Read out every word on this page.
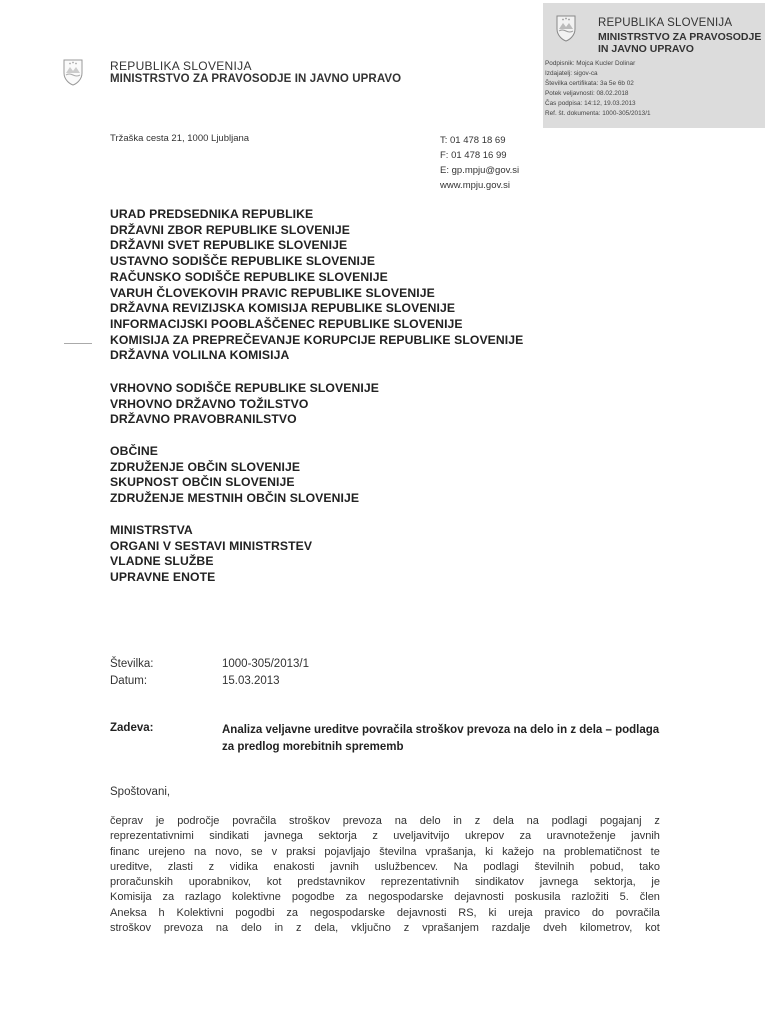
REPUBLIKA SLOVENIJA
MINISTRSTVO ZA PRAVOSODJE IN JAVNO UPRAVO
Podpisnik: Mojca Kucler Dolinar
Izdajatelj: sigov-ca
Številka certifikata: 3a 5e 6b 02
Potek veljavnosti: 08.02.2018
Čas podpisa: 14:12, 19.03.2013
Ref. št. dokumenta: 1000-305/2013/1
REPUBLIKA SLOVENIJA
MINISTRSTVO ZA PRAVOSODJE IN JAVNO UPRAVO
Tržaška cesta 21, 1000 Ljubljana	T: 01 478 18 69
F: 01 478 16 99
E: gp.mpju@gov.si
www.mpju.gov.si
URAD PREDSEDNIKA REPUBLIKE
DRŽAVNI ZBOR REPUBLIKE SLOVENIJE
DRŽAVNI SVET REPUBLIKE SLOVENIJE
USTAVNO SODIŠČE REPUBLIKE SLOVENIJE
RAČUNSKO SODIŠČE REPUBLIKE SLOVENIJE
VARUH ČLOVEKOVIH PRAVIC REPUBLIKE SLOVENIJE
DRŽAVNA REVIZIJSKA KOMISIJA REPUBLIKE SLOVENIJE
INFORMACIJSKI POOBLAŠČENEC REPUBLIKE SLOVENIJE
KOMISIJA ZA PREPREČEVANJE KORUPCIJE REPUBLIKE SLOVENIJE
DRŽAVNA VOLILNA KOMISIJA
VRHOVNO SODIŠČE REPUBLIKE SLOVENIJE
VRHOVNO DRŽAVNO TOŽILSTVO
DRŽAVNO PRAVOBRANILSTVO
OBČINE
ZDRUŽENJE OBČIN SLOVENIJE
SKUPNOST OBČIN SLOVENIJE
ZDRUŽENJE MESTNIH OBČIN SLOVENIJE
MINISTRSTVA
ORGANI V SESTAVI MINISTRSTEV
VLADNE SLUŽBE
UPRAVNE ENOTE
Številka:	1000-305/2013/1
Datum:	15.03.2013
Zadeva:	Analiza veljavne ureditve povračila stroškov prevoza na delo in z dela – podlaga za predlog morebitnih sprememb
Spoštovani,
čeprav je področje povračila stroškov prevoza na delo in z dela na podlagi pogajanj z
reprezentativnimi sindikati javnega sektorja z uveljavitvijo ukrepov za uravnoteženje javnih
financ urejeno na novo, se v praksi pojavljajo številna vprašanja, ki kažejo na problematičnost te
ureditve, zlasti z vidika enakosti javnih uslužbencev. Na podlagi številnih pobud, tako
proračunskih uporabnikov, kot predstavnikov reprezentativnih sindikatov javnega sektorja, je
Komisija za razlago kolektivne pogodbe za negospodarske dejavnosti poskusila razložiti 5. člen
Aneksa h Kolektivni pogodbi za negospodarske dejavnosti RS, ki ureja pravico do povračila
stroškov prevoza na delo in z dela, vključno z vprašanjem razdalje dveh kilometrov, kot
